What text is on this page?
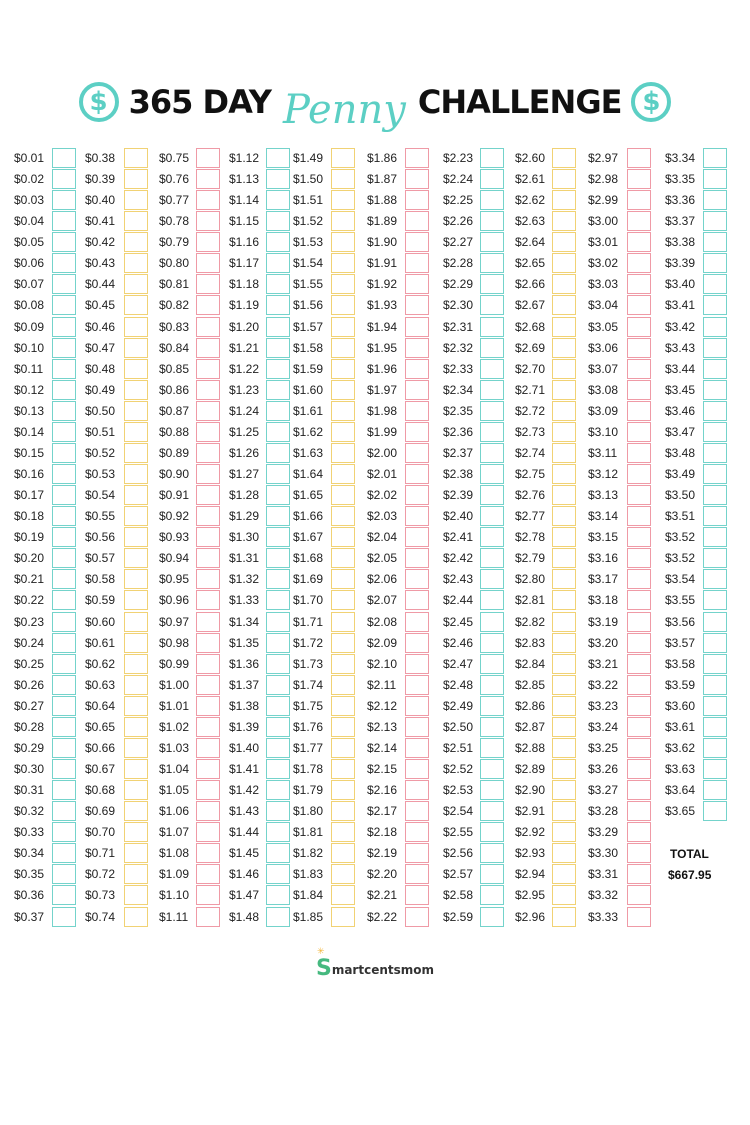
$ 365 DAY Penny CHALLENGE $
$0.01
$0.02
$0.03
$0.04
$0.05
$0.06
$0.07
$0.08
$0.09
$0.10
$0.11
$0.12
$0.13
$0.14
$0.15
$0.16
$0.17
$0.18
$0.19
$0.20
$0.21
$0.22
$0.23
$0.24
$0.25
$0.26
$0.27
$0.28
$0.29
$0.30
$0.31
$0.32
$0.33
$0.34
$0.35
$0.36
$0.37
$0.38
$0.39
$0.40
$0.41
$0.42
$0.43
$0.44
$0.45
$0.46
$0.47
$0.48
$0.49
$0.50
$0.51
$0.52
$0.53
$0.54
$0.55
$0.56
$0.57
$0.58
$0.59
$0.60
$0.61
$0.62
$0.63
$0.64
$0.65
$0.66
$0.67
$0.68
$0.69
$0.70
$0.71
$0.72
$0.73
$0.74
$0.75
$0.76
$0.77
$0.78
$0.79
$0.80
$0.81
$0.82
$0.83
$0.84
$0.85
$0.86
$0.87
$0.88
$0.89
$0.90
$0.91
$0.92
$0.93
$0.94
$0.95
$0.96
$0.97
$0.98
$0.99
$1.00
$1.01
$1.02
$1.03
$1.04
$1.05
$1.06
$1.07
$1.08
$1.09
$1.10
$1.11
$1.12
$1.13
$1.14
$1.15
$1.16
$1.17
$1.18
$1.19
$1.20
$1.21
$1.22
$1.23
$1.24
$1.25
$1.26
$1.27
$1.28
$1.29
$1.30
$1.31
$1.32
$1.33
$1.34
$1.35
$1.36
$1.37
$1.38
$1.39
$1.40
$1.41
$1.42
$1.43
$1.44
$1.45
$1.46
$1.47
$1.48
$1.49
$1.50
$1.51
$1.52
$1.53
$1.54
$1.55
$1.56
$1.57
$1.58
$1.59
$1.60
$1.61
$1.62
$1.63
$1.64
$1.65
$1.66
$1.67
$1.68
$1.69
$1.70
$1.71
$1.72
$1.73
$1.74
$1.75
$1.76
$1.77
$1.78
$1.79
$1.80
$1.81
$1.82
$1.83
$1.84
$1.85
$1.86
$1.87
$1.88
$1.89
$1.90
$1.91
$1.92
$1.93
$1.94
$1.95
$1.96
$1.97
$1.98
$1.99
$2.00
$2.01
$2.02
$2.03
$2.04
$2.05
$2.06
$2.07
$2.08
$2.09
$2.10
$2.11
$2.12
$2.13
$2.14
$2.15
$2.16
$2.17
$2.18
$2.19
$2.20
$2.21
$2.22
$2.23
$2.24
$2.25
$2.26
$2.27
$2.28
$2.29
$2.30
$2.31
$2.32
$2.33
$2.34
$2.35
$2.36
$2.37
$2.38
$2.39
$2.40
$2.41
$2.42
$2.43
$2.44
$2.45
$2.46
$2.47
$2.48
$2.49
$2.50
$2.51
$2.52
$2.53
$2.54
$2.55
$2.56
$2.57
$2.58
$2.59
$2.60
$2.61
$2.62
$2.63
$2.64
$2.65
$2.66
$2.67
$2.68
$2.69
$2.70
$2.71
$2.72
$2.73
$2.74
$2.75
$2.76
$2.77
$2.78
$2.79
$2.80
$2.81
$2.82
$2.83
$2.84
$2.85
$2.86
$2.87
$2.88
$2.89
$2.90
$2.91
$2.92
$2.93
$2.94
$2.95
$2.96
$2.97
$2.98
$2.99
$3.00
$3.01
$3.02
$3.03
$3.04
$3.05
$3.06
$3.07
$3.08
$3.09
$3.10
$3.11
$3.12
$3.13
$3.14
$3.15
$3.16
$3.17
$3.18
$3.19
$3.20
$3.21
$3.22
$3.23
$3.24
$3.25
$3.26
$3.27
$3.28
$3.29
$3.30
$3.31
$3.32
$3.33
$3.34
$3.35
$3.36
$3.37
$3.38
$3.39
$3.40
$3.41
$3.42
$3.43
$3.44
$3.45
$3.46
$3.47
$3.48
$3.49
$3.50
$3.51
$3.52
$3.52
$3.54
$3.55
$3.56
$3.57
$3.58
$3.59
$3.60
$3.61
$3.62
$3.63
$3.64
$3.65
TOTAL
$667.95
✳
S martcentsmom
